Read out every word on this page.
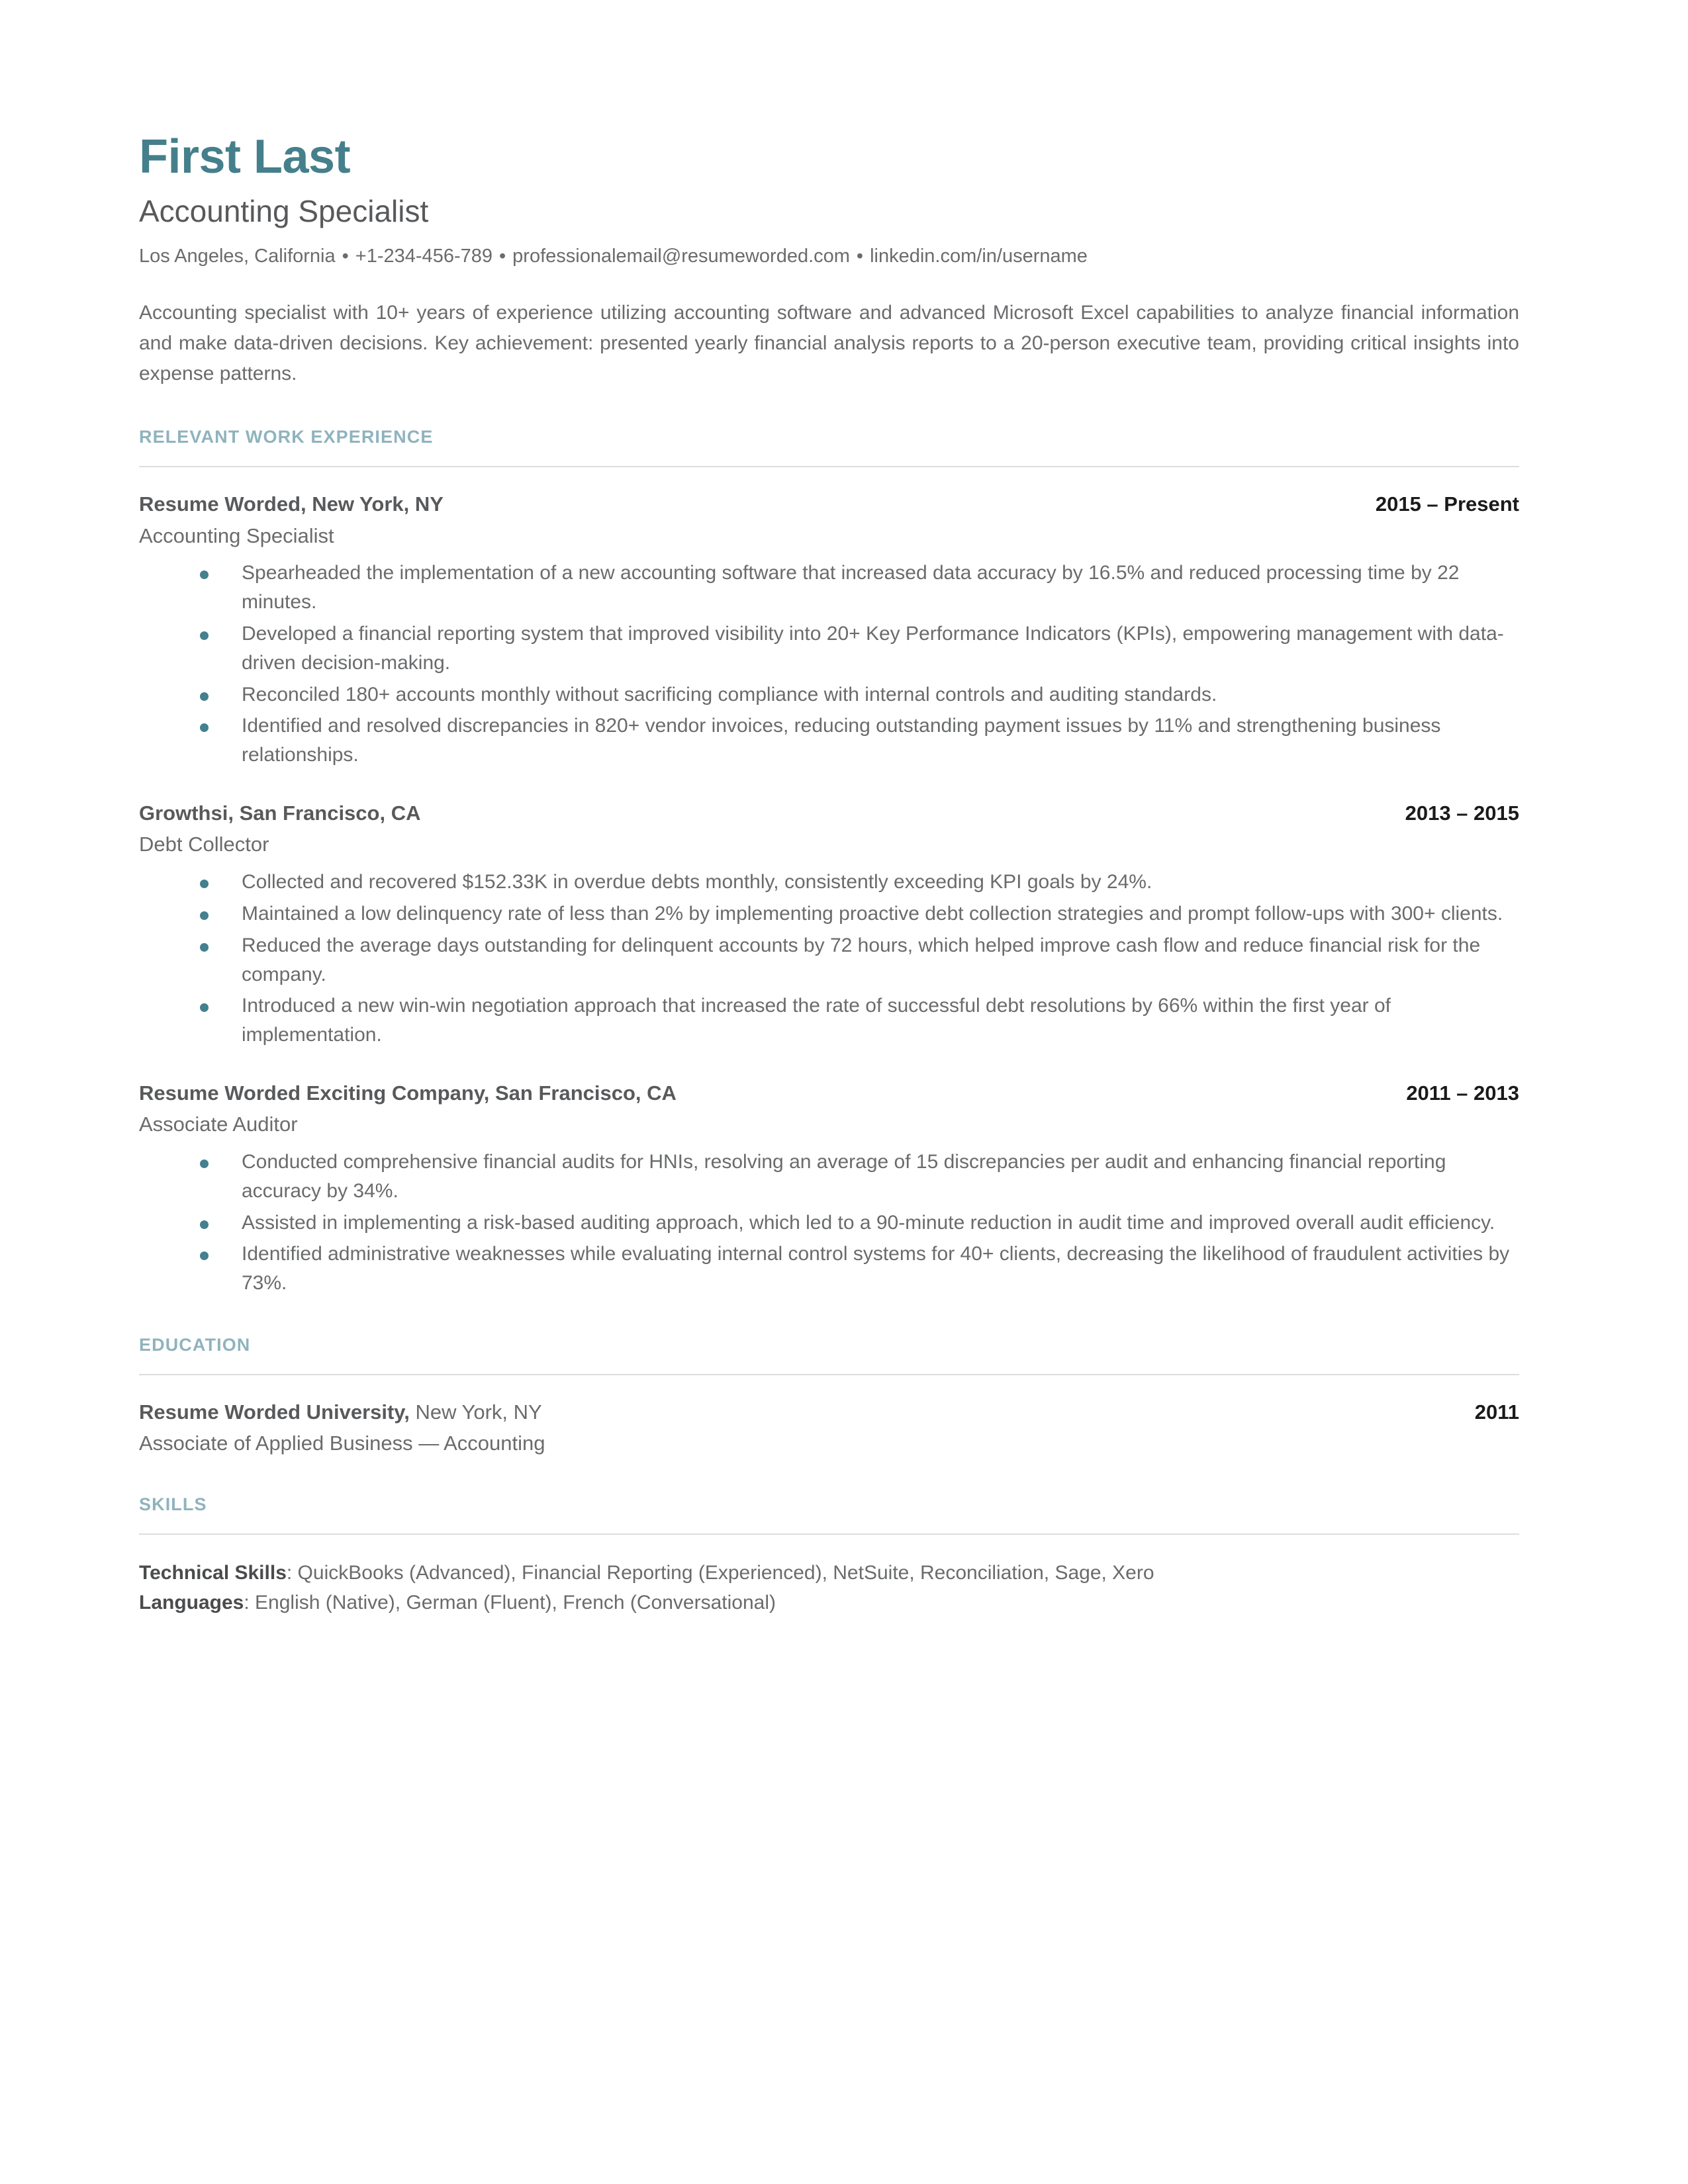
First Last
Accounting Specialist
Los Angeles, California • +1-234-456-789 • professionalemail@resumeworded.com • linkedin.com/in/username

Accounting specialist with 10+ years of experience utilizing accounting software and advanced Microsoft Excel capabilities to analyze financial information and make data-driven decisions. Key achievement: presented yearly financial analysis reports to a 20-person executive team, providing critical insights into expense patterns.

RELEVANT WORK EXPERIENCE
Resume Worded, New York, NY	2015 – Present
Accounting Specialist
Spearheaded the implementation of a new accounting software that increased data accuracy by 16.5% and reduced processing time by 22 minutes.
Developed a financial reporting system that improved visibility into 20+ Key Performance Indicators (KPIs), empowering management with data-driven decision-making.
Reconciled 180+ accounts monthly without sacrificing compliance with internal controls and auditing standards.
Identified and resolved discrepancies in 820+ vendor invoices, reducing outstanding payment issues by 11% and strengthening business relationships.
Growthsi, San Francisco, CA	2013 – 2015
Debt Collector
Collected and recovered $152.33K in overdue debts monthly, consistently exceeding KPI goals by 24%.
Maintained a low delinquency rate of less than 2% by implementing proactive debt collection strategies and prompt follow-ups with 300+ clients.
Reduced the average days outstanding for delinquent accounts by 72 hours, which helped improve cash flow and reduce financial risk for the company.
Introduced a new win-win negotiation approach that increased the rate of successful debt resolutions by 66% within the first year of implementation.
Resume Worded Exciting Company, San Francisco, CA	2011 – 2013
Associate Auditor
Conducted comprehensive financial audits for HNIs, resolving an average of 15 discrepancies per audit and enhancing financial reporting accuracy by 34%.
Assisted in implementing a risk-based auditing approach, which led to a 90-minute reduction in audit time and improved overall audit efficiency.
Identified administrative weaknesses while evaluating internal control systems for 40+ clients, decreasing the likelihood of fraudulent activities by 73%.
EDUCATION
Resume Worded University, New York, NY	2011
Associate of Applied Business — Accounting
SKILLS
Technical Skills: QuickBooks (Advanced), Financial Reporting (Experienced), NetSuite, Reconciliation, Sage, Xero
Languages: English (Native), German (Fluent), French (Conversational)
